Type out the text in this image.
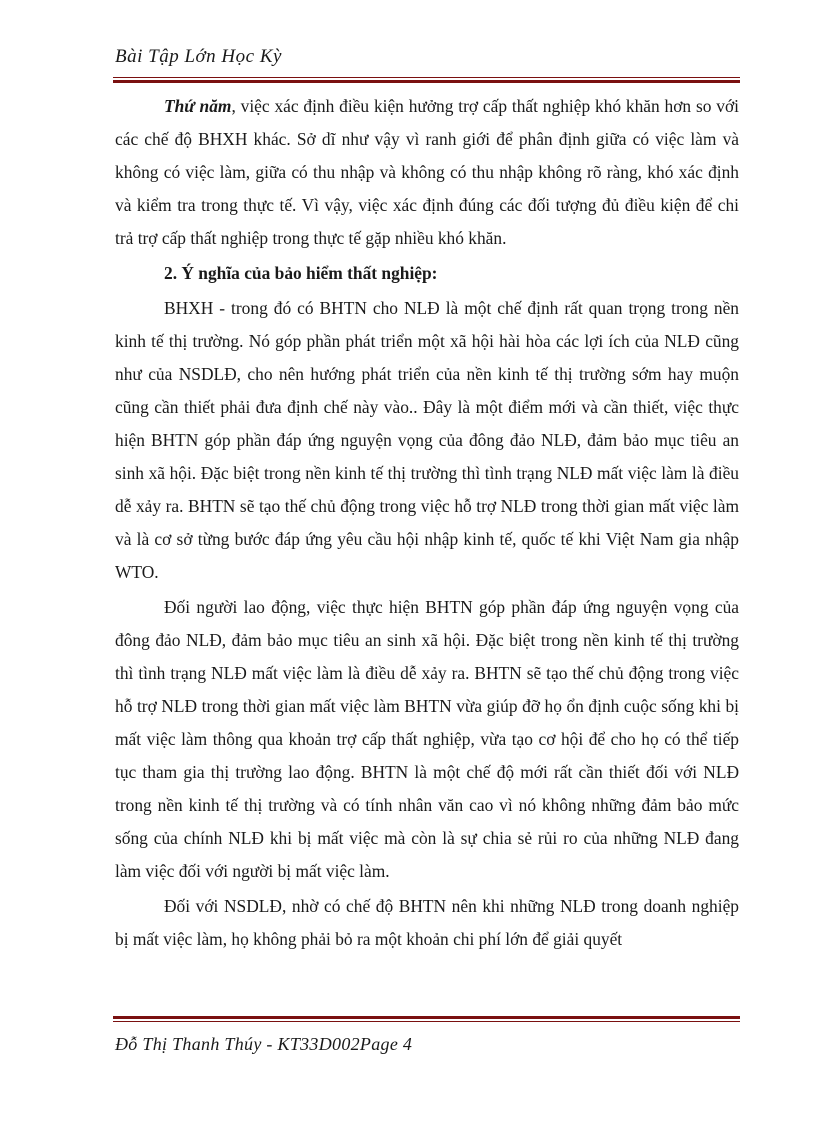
Bài Tập Lớn Học Kỳ

Thứ năm, việc xác định điều kiện hưởng trợ cấp thất nghiệp khó khăn hơn so với các chế độ BHXH khác. Sở dĩ như vậy vì ranh giới để phân định giữa có việc làm và không có việc làm, giữa có thu nhập và không có thu nhập không rõ ràng, khó xác định và kiểm tra trong thực tế. Vì vậy, việc xác định đúng các đối tượng đủ điều kiện để chi trả trợ cấp thất nghiệp trong thực tế gặp nhiều khó khăn.

2. Ý nghĩa của bảo hiểm thất nghiệp:

BHXH - trong đó có BHTN cho NLĐ là một chế định rất quan trọng trong nền kinh tế thị trường. Nó góp phần phát triển một xã hội hài hòa các lợi ích của NLĐ cũng như của NSDLĐ, cho nên hướng phát triển của nền kinh tế thị trường sớm hay muộn cũng cần thiết phải đưa định chế này vào.. Đây là một điểm mới và cần thiết, việc thực hiện BHTN góp phần đáp ứng nguyện vọng của đông đảo NLĐ, đảm bảo mục tiêu an sinh xã hội. Đặc biệt trong nền kinh tế thị trường thì tình trạng NLĐ mất việc làm là điều dễ xảy ra. BHTN sẽ tạo thế chủ động trong việc hỗ trợ NLĐ trong thời gian mất việc làm và là cơ sở từng bước đáp ứng yêu cầu hội nhập kinh tế, quốc tế khi Việt Nam gia nhập WTO.

Đối người lao động, việc thực hiện BHTN góp phần đáp ứng nguyện vọng của đông đảo NLĐ, đảm bảo mục tiêu an sinh xã hội. Đặc biệt trong nền kinh tế thị trường thì tình trạng NLĐ mất việc làm là điều dễ xảy ra. BHTN sẽ tạo thế chủ động trong việc hỗ trợ NLĐ trong thời gian mất việc làm BHTN vừa giúp đỡ họ ổn định cuộc sống khi bị mất việc làm thông qua khoản trợ cấp thất nghiệp, vừa tạo cơ hội để cho họ có thể tiếp tục tham gia thị trường lao động. BHTN là một chế độ mới rất cần thiết đối với NLĐ trong nền kinh tế thị trường và có tính nhân văn cao vì nó không những đảm bảo mức sống của chính NLĐ khi bị mất việc mà còn là sự chia sẻ rủi ro của những NLĐ đang làm việc đối với người bị mất việc làm.

Đối với NSDLĐ, nhờ có chế độ BHTN nên khi những NLĐ trong doanh nghiệp bị mất việc làm, họ không phải bỏ ra một khoản chi phí lớn để giải quyết

Đỗ Thị Thanh Thúy - KT33D002Page 4
